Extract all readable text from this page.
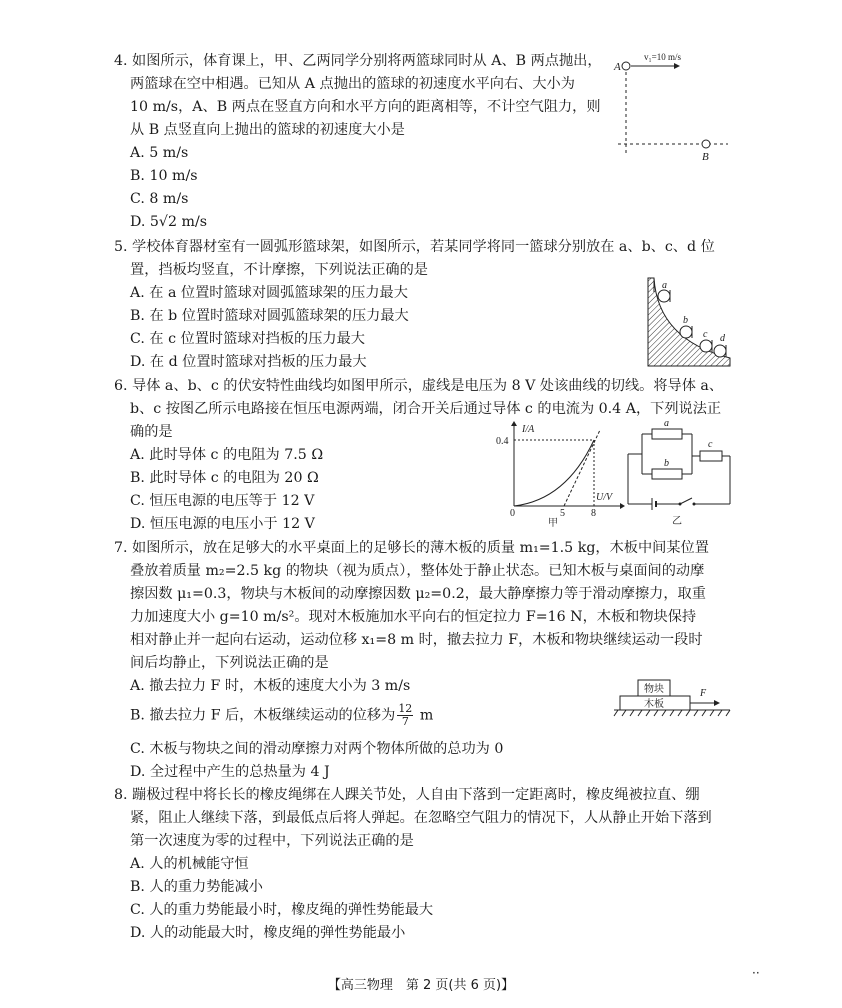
4. 如图所示，体育课上，甲、乙两同学分别将两篮球同时从 A、B 两点抛出，
两篮球在空中相遇。已知从 A 点抛出的篮球的初速度水平向右、大小为
10 m/s，A、B 两点在竖直方向和水平方向的距离相等，不计空气阻力，则
从 B 点竖直向上抛出的篮球的初速度大小是
A. 5 m/s
B. 10 m/s
C. 8 m/s
D. 5√2 m/s
v₁=10 m/s
A
B
5. 学校体育器材室有一圆弧形篮球架，如图所示，若某同学将同一篮球分别放在 a、b、c、d 位
置，挡板均竖直，不计摩擦，下列说法正确的是
A. 在 a 位置时篮球对圆弧篮球架的压力最大
B. 在 b 位置时篮球对圆弧篮球架的压力最大
C. 在 c 位置时篮球对挡板的压力最大
D. 在 d 位置时篮球对挡板的压力最大
a
b
c d
6. 导体 a、b、c 的伏安特性曲线均如图甲所示，虚线是电压为 8 V 处该曲线的切线。将导体 a、
b、c 按图乙所示电路接在恒压电源两端，闭合开关后通过导体 c 的电流为 0.4 A，下列说法正
确的是
A. 此时导体 c 的电阻为 7.5 Ω
B. 此时导体 c 的电阻为 20 Ω
C. 恒压电源的电压等于 12 V
D. 恒压电源的电压小于 12 V
I/A
U/V
0.4
0	5	8
甲
a
b
c
乙
7. 如图所示，放在足够大的水平桌面上的足够长的薄木板的质量 m₁=1.5 kg，木板中间某位置
叠放着质量 m₂=2.5 kg 的物块（视为质点），整体处于静止状态。已知木板与桌面间的动摩
擦因数 μ₁=0.3，物块与木板间的动摩擦因数 μ₂=0.2，最大静摩擦力等于滑动摩擦力，取重
力加速度大小 g=10 m/s²。现对木板施加水平向右的恒定拉力 F=16 N，木板和物块保持
相对静止并一起向右运动，运动位移 x₁=8 m 时，撤去拉力 F，木板和物块继续运动一段时
间后均静止，下列说法正确的是
A. 撤去拉力 F 时，木板的速度大小为 3 m/s
B. 撤去拉力 F 后，木板继续运动的位移为 $\frac{12}{7}$ m
C. 木板与物块之间的滑动摩擦力对两个物体所做的总功为 0
D. 全过程中产生的总热量为 4 J
物块
木板
F
8. 蹦极过程中将长长的橡皮绳绑在人踝关节处，人自由下落到一定距离时，橡皮绳被拉直、绷
紧，阻止人继续下落，到最低点后将人弹起。在忽略空气阻力的情况下，人从静止开始下落到
第一次速度为零的过程中，下列说法正确的是
A. 人的机械能守恒
B. 人的重力势能减小
C. 人的重力势能最小时，橡皮绳的弹性势能最大
D. 人的动能最大时，橡皮绳的弹性势能最小
【高三物理　第 2 页(共 6 页)】
··
